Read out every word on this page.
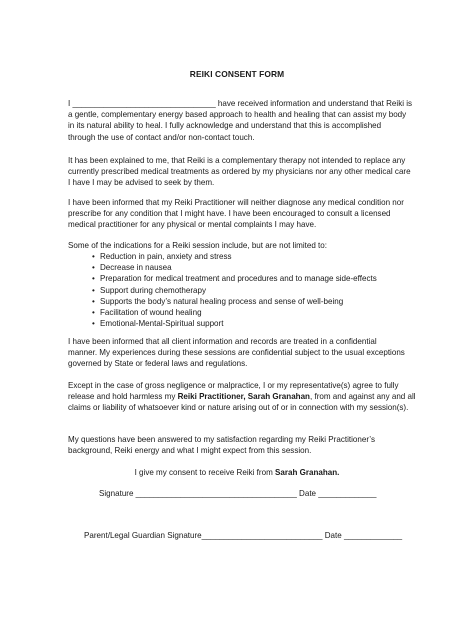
REIKI CONSENT FORM

I ________________________________ have received information and understand that Reiki is
a gentle, complementary energy based approach to health and healing that can assist my body
in its natural ability to heal. I fully acknowledge and understand that this is accomplished
through the use of contact and/or non-contact touch.

It has been explained to me, that Reiki is a complementary therapy not intended to replace any
currently prescribed medical treatments as ordered by my physicians nor any other medical care
I have I may be advised to seek by them.

I have been informed that my Reiki Practitioner will neither diagnose any medical condition nor
prescribe for any condition that I might have. I have been encouraged to consult a licensed
medical practitioner for any physical or mental complaints I may have.

Some of the indications for a Reiki session include, but are not limited to:

• Reduction in pain, anxiety and stress
• Decrease in nausea
• Preparation for medical treatment and procedures and to manage side-effects
• Support during chemotherapy
• Supports the body’s natural healing process and sense of well-being
• Facilitation of wound healing
• Emotional-Mental-Spiritual support

I have been informed that all client information and records are treated in a confidential
manner. My experiences during these sessions are confidential subject to the usual exceptions
governed by State or federal laws and regulations.

Except in the case of gross negligence or malpractice, I or my representative(s) agree to fully
release and hold harmless my Reiki Practitioner, Sarah Granahan, from and against any and all
claims or liability of whatsoever kind or nature arising out of or in connection with my session(s).

My questions have been answered to my satisfaction regarding my Reiki Practitioner’s
background, Reiki energy and what I might expect from this session.

I give my consent to receive Reiki from Sarah Granahan.
Signature ____________________________________ Date _____________
Parent/Legal Guardian Signature___________________________ Date _____________
